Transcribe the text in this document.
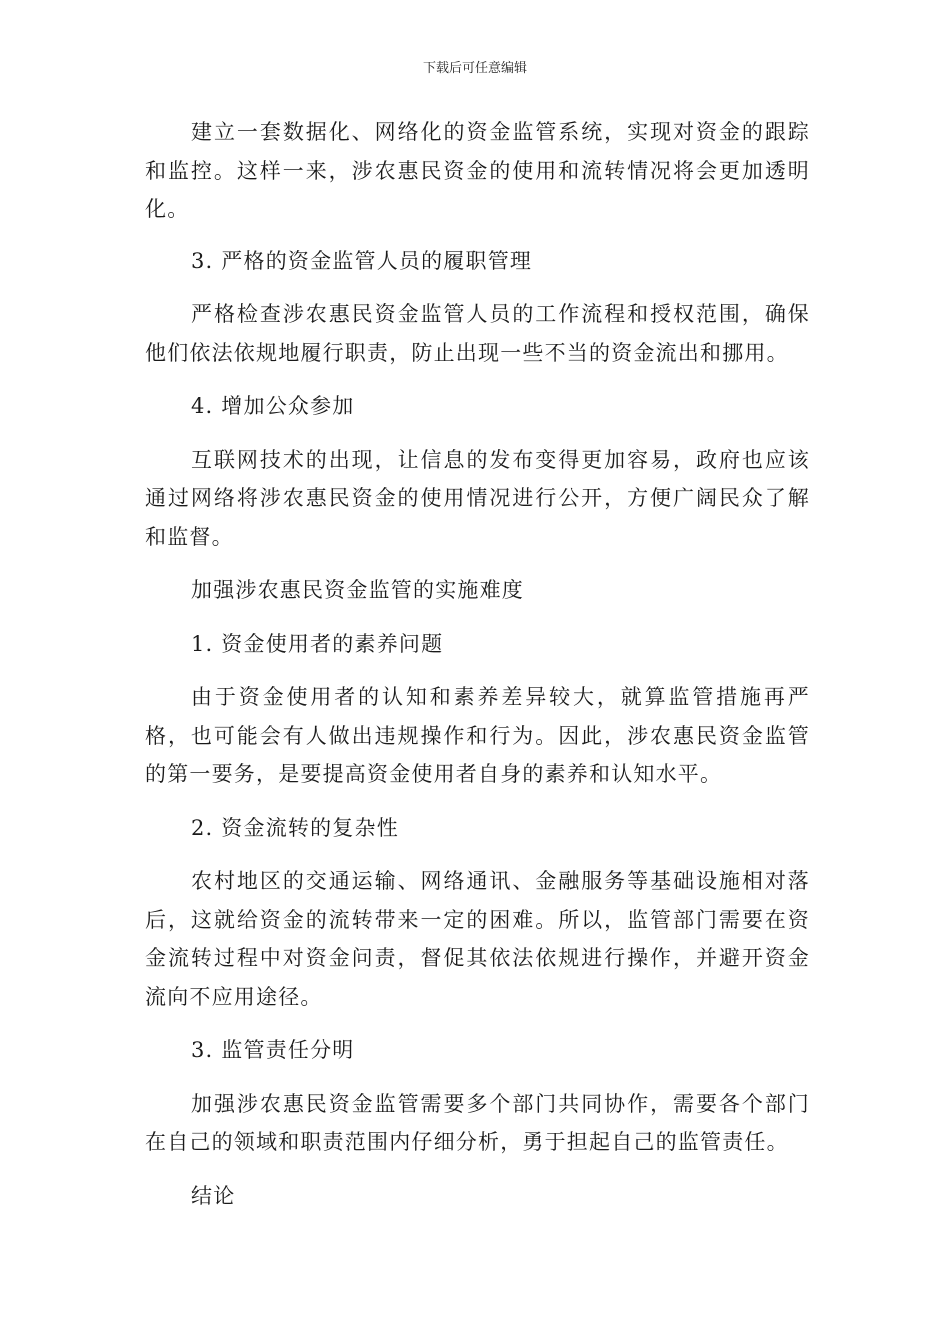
下载后可任意编辑

建立一套数据化、网络化的资金监管系统，实现对资金的跟踪和监控。这样一来，涉农惠民资金的使用和流转情况将会更加透明化。

3. 严格的资金监管人员的履职管理

严格检查涉农惠民资金监管人员的工作流程和授权范围，确保他们依法依规地履行职责，防止出现一些不当的资金流出和挪用。

4. 增加公众参加

互联网技术的出现，让信息的发布变得更加容易，政府也应该通过网络将涉农惠民资金的使用情况进行公开，方便广阔民众了解和监督。

加强涉农惠民资金监管的实施难度

1. 资金使用者的素养问题

由于资金使用者的认知和素养差异较大，就算监管措施再严格，也可能会有人做出违规操作和行为。因此，涉农惠民资金监管的第一要务，是要提高资金使用者自身的素养和认知水平。

2. 资金流转的复杂性

农村地区的交通运输、网络通讯、金融服务等基础设施相对落后，这就给资金的流转带来一定的困难。所以，监管部门需要在资金流转过程中对资金问责，督促其依法依规进行操作，并避开资金流向不应用途径。

3. 监管责任分明

加强涉农惠民资金监管需要多个部门共同协作，需要各个部门在自己的领域和职责范围内仔细分析，勇于担起自己的监管责任。

结论
